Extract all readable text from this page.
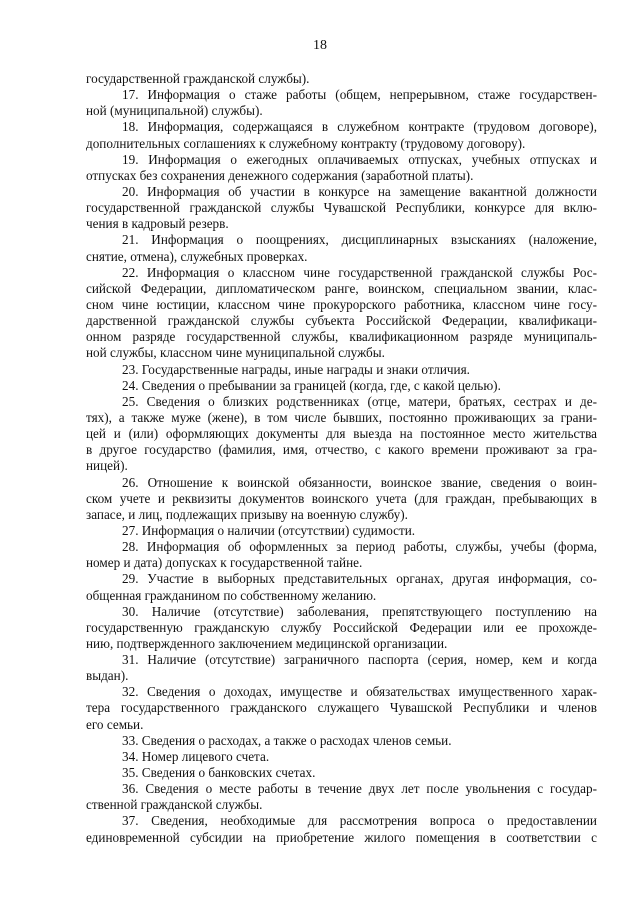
18
государственной гражданской службы).
17. Информация о стаже работы (общем, непрерывном, стаже государствен-
ной (муниципальной) службы).
18. Информация, содержащаяся в служебном контракте (трудовом договоре),
дополнительных соглашениях к служебному контракту (трудовому договору).
19. Информация о ежегодных оплачиваемых отпусках, учебных отпусках и
отпусках без сохранения денежного содержания (заработной платы).
20. Информация об участии в конкурсе на замещение вакантной должности
государственной гражданской службы Чувашской Республики, конкурсе для вклю-
чения в кадровый резерв.
21. Информация о поощрениях, дисциплинарных взысканиях (наложение,
снятие, отмена), служебных проверках.
22. Информация о классном чине государственной гражданской службы Рос-
сийской Федерации, дипломатическом ранге, воинском, специальном звании, клас-
сном чине юстиции, классном чине прокурорского работника, классном чине госу-
дарственной гражданской службы субъекта Российской Федерации, квалификаци-
онном разряде государственной службы, квалификационном разряде муниципаль-
ной службы, классном чине муниципальной службы.
23. Государственные награды, иные награды и знаки отличия.
24. Сведения о пребывании за границей (когда, где, с какой целью).
25. Сведения о близких родственниках (отце, матери, братьях, сестрах и де-
тях), а также муже (жене), в том числе бывших, постоянно проживающих за грани-
цей и (или) оформляющих документы для выезда на постоянное место жительства
в другое государство (фамилия, имя, отчество, с какого времени проживают за гра-
ницей).
26. Отношение к воинской обязанности, воинское звание, сведения о воин-
ском учете и реквизиты документов воинского учета (для граждан, пребывающих в
запасе, и лиц, подлежащих призыву на военную службу).
27. Информация о наличии (отсутствии) судимости.
28. Информация об оформленных за период работы, службы, учебы (форма,
номер и дата) допусках к государственной тайне.
29. Участие в выборных представительных органах, другая информация, со-
общенная гражданином по собственному желанию.
30. Наличие (отсутствие) заболевания, препятствующего поступлению на
государственную гражданскую службу Российской Федерации или ее прохожде-
нию, подтвержденного заключением медицинской организации.
31. Наличие (отсутствие) заграничного паспорта (серия, номер, кем и когда
выдан).
32. Сведения о доходах, имуществе и обязательствах имущественного харак-
тера государственного гражданского служащего Чувашской Республики и членов
его семьи.
33. Сведения о расходах, а также о расходах членов семьи.
34. Номер лицевого счета.
35. Сведения о банковских счетах.
36. Сведения о месте работы в течение двух лет после увольнения с государ-
ственной гражданской службы.
37. Сведения, необходимые для рассмотрения вопроса о предоставлении
единовременной субсидии на приобретение жилого помещения в соответствии с
